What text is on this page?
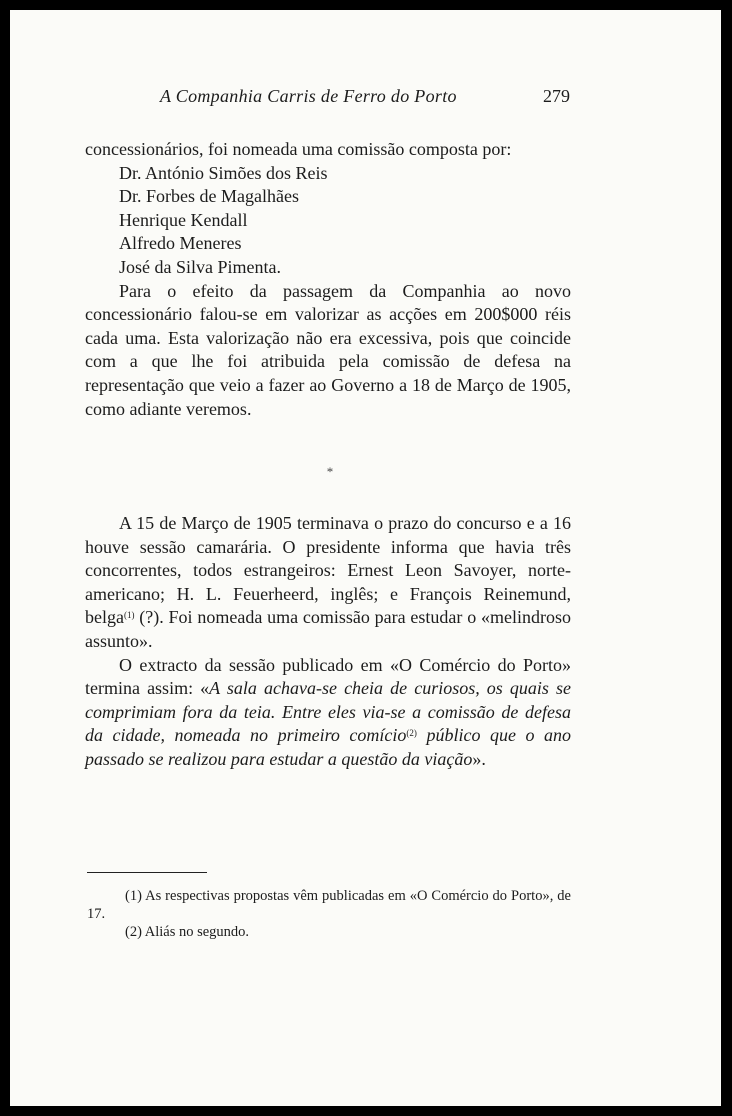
A Companhia Carris de Ferro do Porto	279

concessionários, foi nomeada uma comissão composta por:

Dr. António Simões dos Reis
Dr. Forbes de Magalhães
Henrique Kendall
Alfredo Meneres
José da Silva Pimenta.

Para o efeito da passagem da Companhia ao novo concessionário falou-se em valorizar as acções em 200$000 réis cada uma. Esta valorização não era excessiva, pois que coincide com a que lhe foi atribuida pela comissão de defesa na representação que veio a fazer ao Governo a 18 de Março de 1905, como adiante veremos.

*

A 15 de Março de 1905 terminava o prazo do concurso e a 16 houve sessão camarária. O presidente informa que havia três concorrentes, todos estrangeiros: Ernest Leon Savoyer, norte-americano; H. L. Feuerheerd, inglês; e François Reinemund, belga$^{(1)}$ (?). Foi nomeada uma comissão para estudar o «melindroso assunto».

O extracto da sessão publicado em «O Comércio do Porto» termina assim: «A sala achava-se cheia de curiosos, os quais se comprimiam fora da teia. Entre eles via-se a comissão de defesa da cidade, nomeada no primeiro comício$^{(2)}$ público que o ano passado se realizou para estudar a questão da viação».

(1) As respectivas propostas vêm publicadas em «O Comércio do Porto», de 17.

(2) Aliás no segundo.
